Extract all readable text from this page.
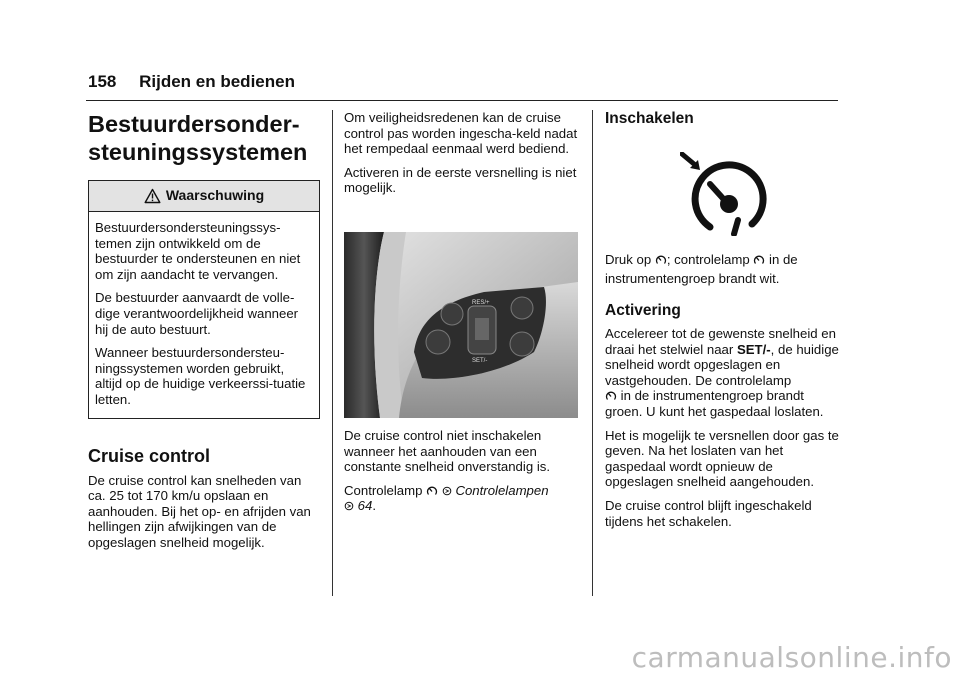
158 Rijden en bedienen
Bestuurdersonder-
steuningssystemen
Waarschuwing

Bestuurdersondersteuningssys-temen zijn ontwikkeld om de bestuurder te ondersteunen en niet om zijn aandacht te vervangen.

De bestuurder aanvaardt de volle-dige verantwoordelijkheid wanneer hij de auto bestuurt.

Wanneer bestuurdersondersteu-ningssystemen worden gebruikt, altijd op de huidige verkeerssi-tuatie letten.

Cruise control

De cruise control kan snelheden van ca. 25 tot 170 km/u opslaan en aanhouden. Bij het op- en afrijden van hellingen zijn afwijkingen van de opgeslagen snelheid mogelijk.

Om veiligheidsredenen kan de cruise control pas worden ingescha-keld nadat het rempedaal eenmaal werd bediend.

Activeren in de eerste versnelling is niet mogelijk.

RES/+
SET/-

De cruise control niet inschakelen wanneer het aanhouden van een constante snelheid onverstandig is.

Controlelamp	Controlelampen
64.

Inschakelen

Druk op ; controlelamp in de instrumentengroep brandt wit.

Activering

Accelereer tot de gewenste snelheid en draai het stelwiel naar SET/-, de huidige snelheid wordt opgeslagen en vastgehouden. De controlelamp
in de instrumentengroep brandt groen. U kunt het gaspedaal loslaten.

Het is mogelijk te versnellen door gas te geven. Na het loslaten van het gaspedaal wordt opnieuw de opgeslagen snelheid aangehouden.

De cruise control blijft ingeschakeld tijdens het schakelen.

carmanualsonline.info
